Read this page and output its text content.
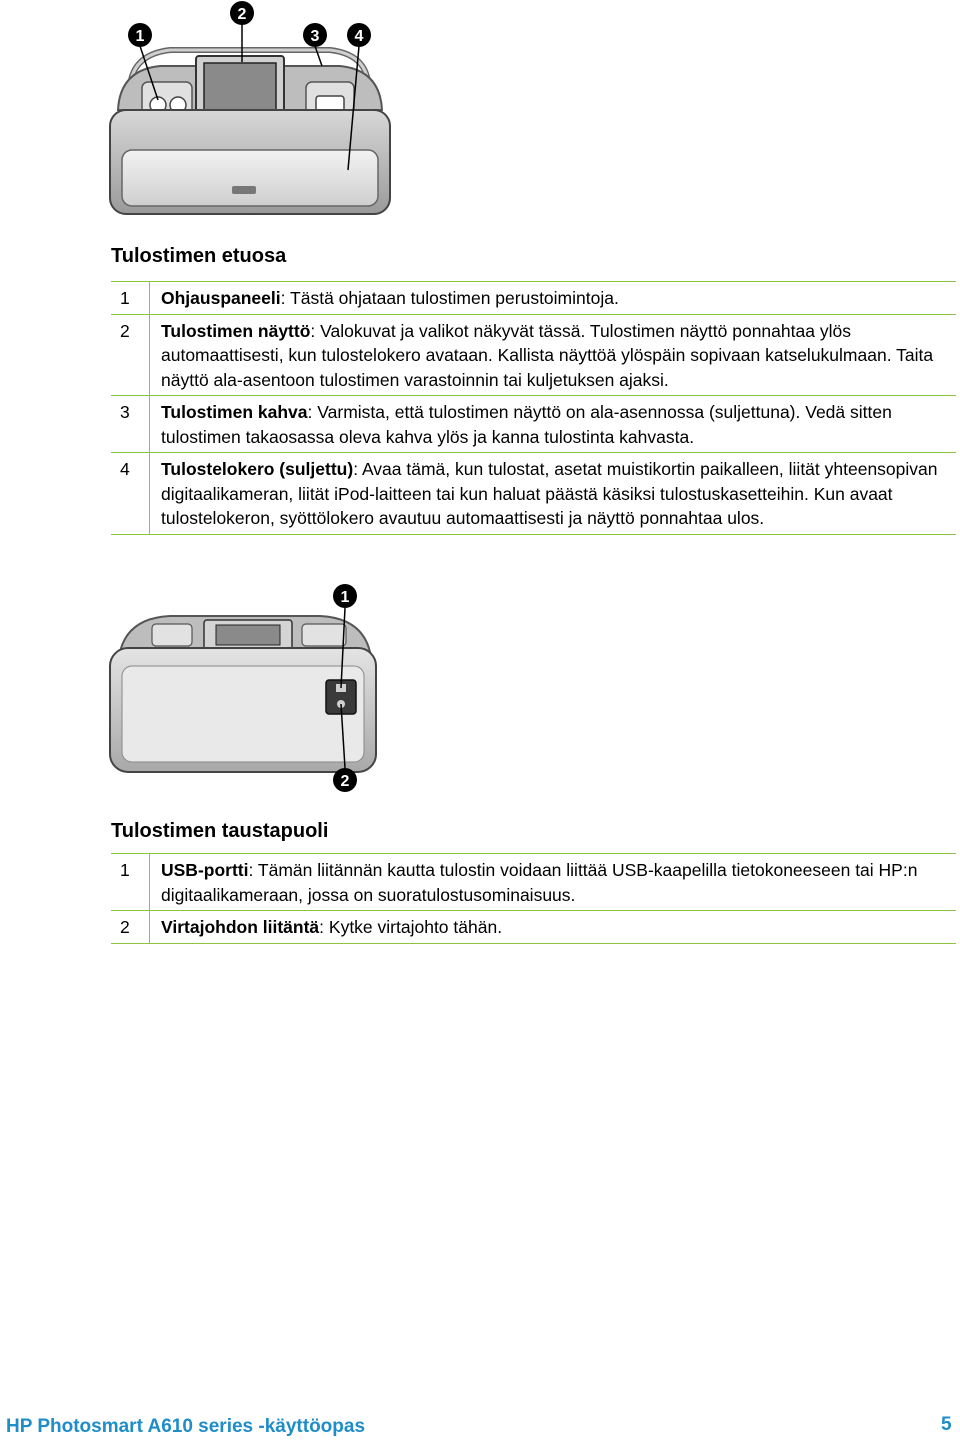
1
2
3 4
Tulostimen etuosa
1	Ohjauspaneeli: Tästä ohjataan tulostimen perustoimintoja.
2	Tulostimen näyttö: Valokuvat ja valikot näkyvät tässä. Tulostimen näyttö ponnahtaa ylös automaattisesti, kun tulostelokero avataan. Kallista näyttöä ylöspäin sopivaan katselukulmaan. Taita näyttö ala-asentoon tulostimen varastoinnin tai kuljetuksen ajaksi.
3	Tulostimen kahva: Varmista, että tulostimen näyttö on ala-asennossa (suljettuna). Vedä sitten tulostimen takaosassa oleva kahva ylös ja kanna tulostinta kahvasta.
4	Tulostelokero (suljettu): Avaa tämä, kun tulostat, asetat muistikortin paikalleen, liität yhteensopivan digitaalikameran, liität iPod-laitteen tai kun haluat päästä käsiksi tulostuskasetteihin. Kun avaat tulostelokeron, syöttölokero avautuu automaattisesti ja näyttö ponnahtaa ulos.
1
2
Tulostimen taustapuoli
1	USB-portti: Tämän liitännän kautta tulostin voidaan liittää USB-kaapelilla tietokoneeseen tai HP:n digitaalikameraan, jossa on suoratulostusominaisuus.
2	Virtajohdon liitäntä: Kytke virtajohto tähän.
HP Photosmart A610 series -käyttöopas	5
